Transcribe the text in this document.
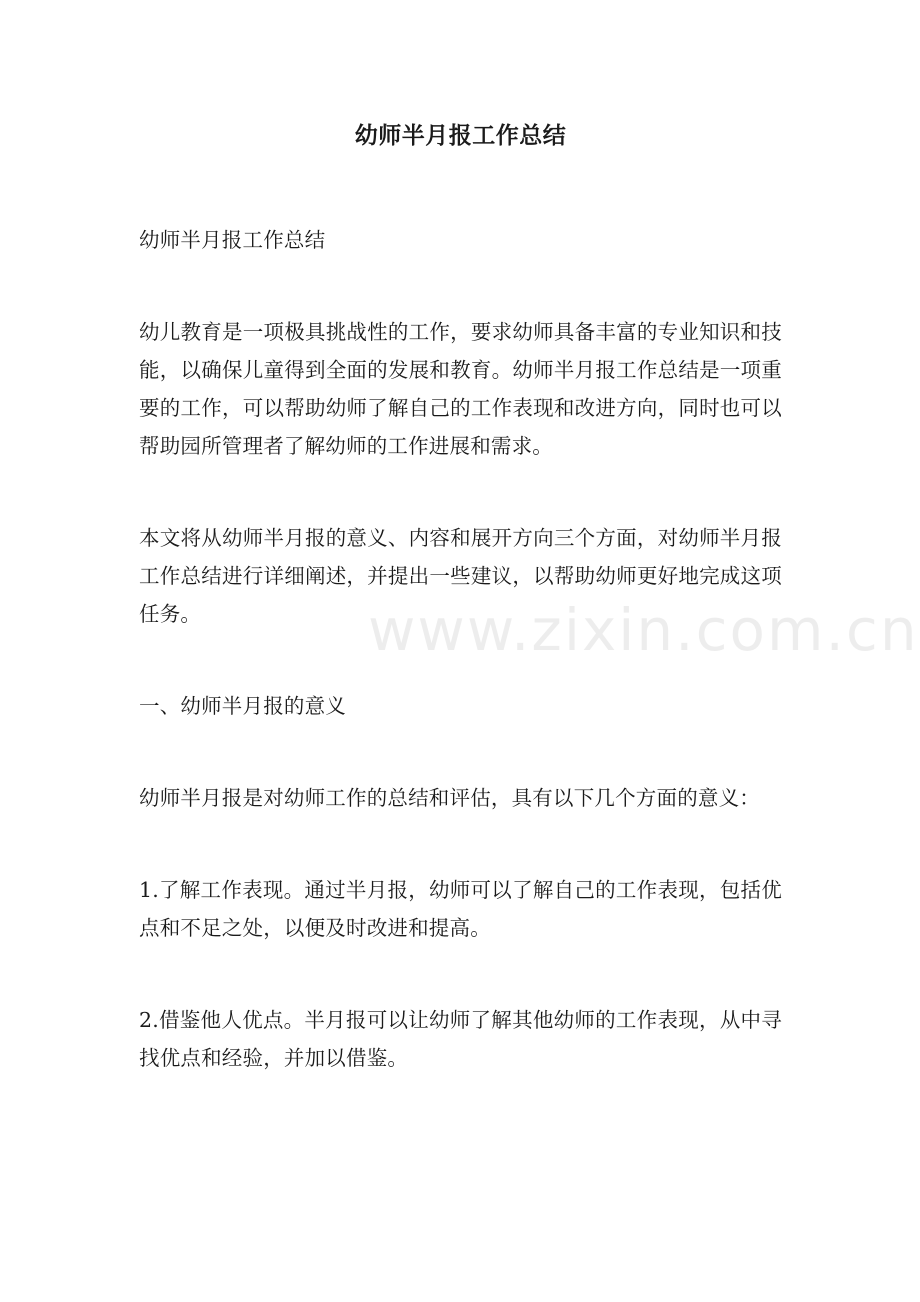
幼师半月报工作总结

幼师半月报工作总结

幼儿教育是一项极具挑战性的工作，要求幼师具备丰富的专业知识和技能，以确保儿童得到全面的发展和教育。幼师半月报工作总结是一项重要的工作，可以帮助幼师了解自己的工作表现和改进方向，同时也可以帮助园所管理者了解幼师的工作进展和需求。

本文将从幼师半月报的意义、内容和展开方向三个方面，对幼师半月报工作总结进行详细阐述，并提出一些建议，以帮助幼师更好地完成这项任务。

一、幼师半月报的意义

幼师半月报是对幼师工作的总结和评估，具有以下几个方面的意义：

1.了解工作表现。通过半月报，幼师可以了解自己的工作表现，包括优点和不足之处，以便及时改进和提高。

2.借鉴他人优点。半月报可以让幼师了解其他幼师的工作表现，从中寻找优点和经验，并加以借鉴。

www.zixin.com.cn
